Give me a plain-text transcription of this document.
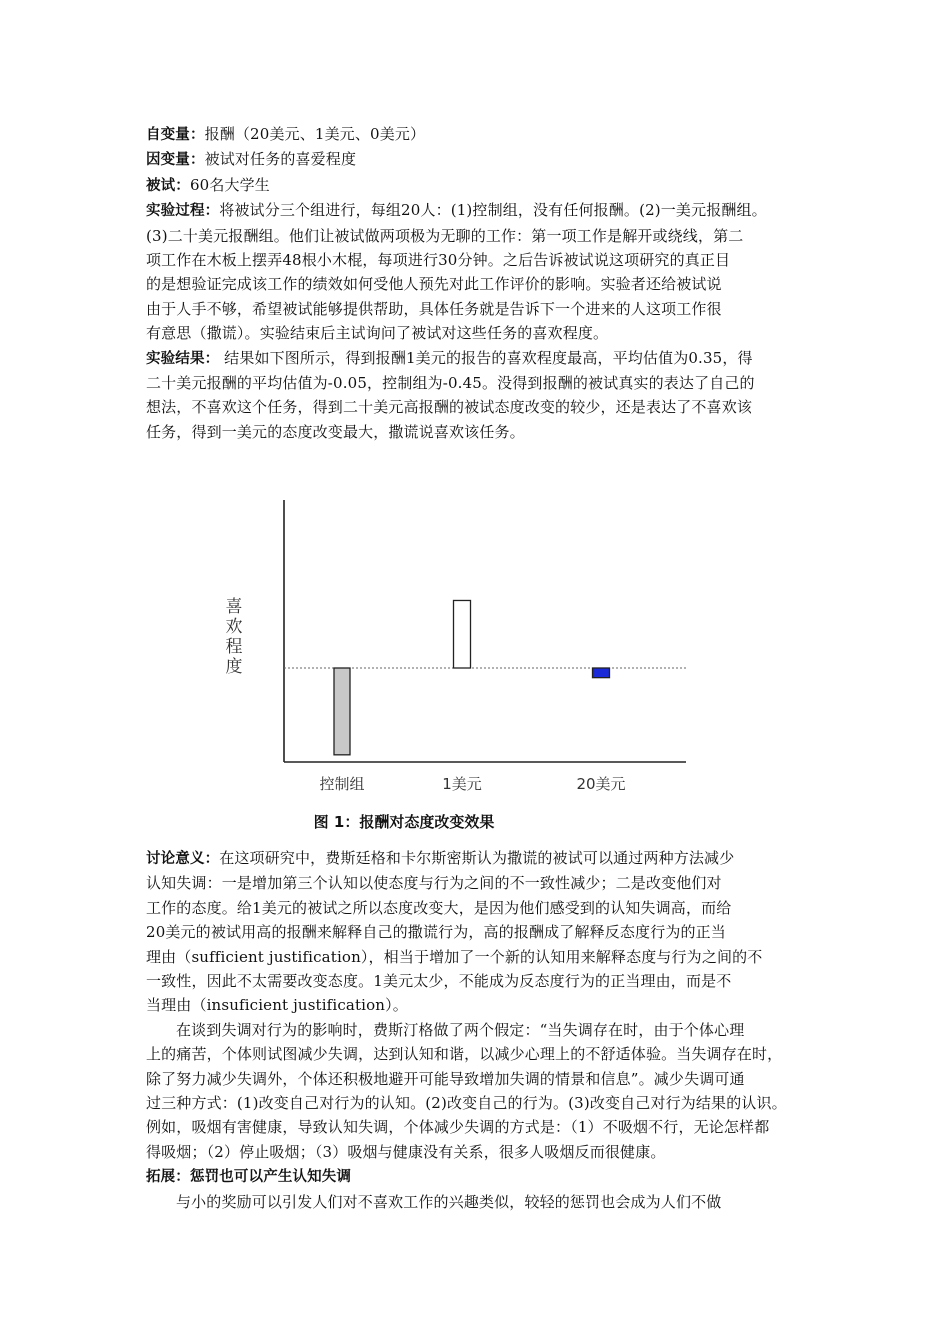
自变量：报酬（20美元、1美元、0美元）
因变量：被试对任务的喜爱程度
被试：60名大学生
实验过程：将被试分三个组进行，每组20人：(1)控制组，没有任何报酬。(2)一美元报酬组。
(3)二十美元报酬组。他们让被试做两项极为无聊的工作：第一项工作是解开或绕线，第二
项工作在木板上摆弄48根小木棍，每项进行30分钟。之后告诉被试说这项研究的真正目
的是想验证完成该工作的绩效如何受他人预先对此工作评价的影响。实验者还给被试说
由于人手不够，希望被试能够提供帮助，具体任务就是告诉下一个进来的人这项工作很
有意思（撒谎）。实验结束后主试询问了被试对这些任务的喜欢程度。
实验结果： 结果如下图所示，得到报酬1美元的报告的喜欢程度最高，平均估值为0.35，得
二十美元报酬的平均估值为-0.05，控制组为-0.45。没得到报酬的被试真实的表达了自己的
想法，不喜欢这个任务，得到二十美元高报酬的被试态度改变的较少，还是表达了不喜欢该
任务，得到一美元的态度改变最大，撒谎说喜欢该任务。
控制组	1美元	20美元
喜
欢
程
度
图 1：报酬对态度改变效果
讨论意义：在这项研究中，费斯廷格和卡尔斯密斯认为撒谎的被试可以通过两种方法减少
认知失调：一是增加第三个认知以使态度与行为之间的不一致性减少；二是改变他们对
工作的态度。给1美元的被试之所以态度改变大，是因为他们感受到的认知失调高，而给
20美元的被试用高的报酬来解释自己的撒谎行为，高的报酬成了解释反态度行为的正当
理由（sufficient justification），相当于增加了一个新的认知用来解释态度与行为之间的不
一致性，因此不太需要改变态度。1美元太少，不能成为反态度行为的正当理由，而是不
当理由（insuficient justification）。
在谈到失调对行为的影响时，费斯汀格做了两个假定：“当失调存在时，由于个体心理
上的痛苦，个体则试图减少失调，达到认知和谐，以减少心理上的不舒适体验。当失调存在时，
除了努力减少失调外，个体还积极地避开可能导致增加失调的情景和信息”。减少失调可通
过三种方式：(1)改变自己对行为的认知。(2)改变自己的行为。(3)改变自己对行为结果的认识。
例如，吸烟有害健康，导致认知失调，个体减少失调的方式是：（1）不吸烟不行，无论怎样都
得吸烟；（2）停止吸烟；（3）吸烟与健康没有关系，很多人吸烟反而很健康。
拓展：惩罚也可以产生认知失调
与小的奖励可以引发人们对不喜欢工作的兴趣类似，较轻的惩罚也会成为人们不做
